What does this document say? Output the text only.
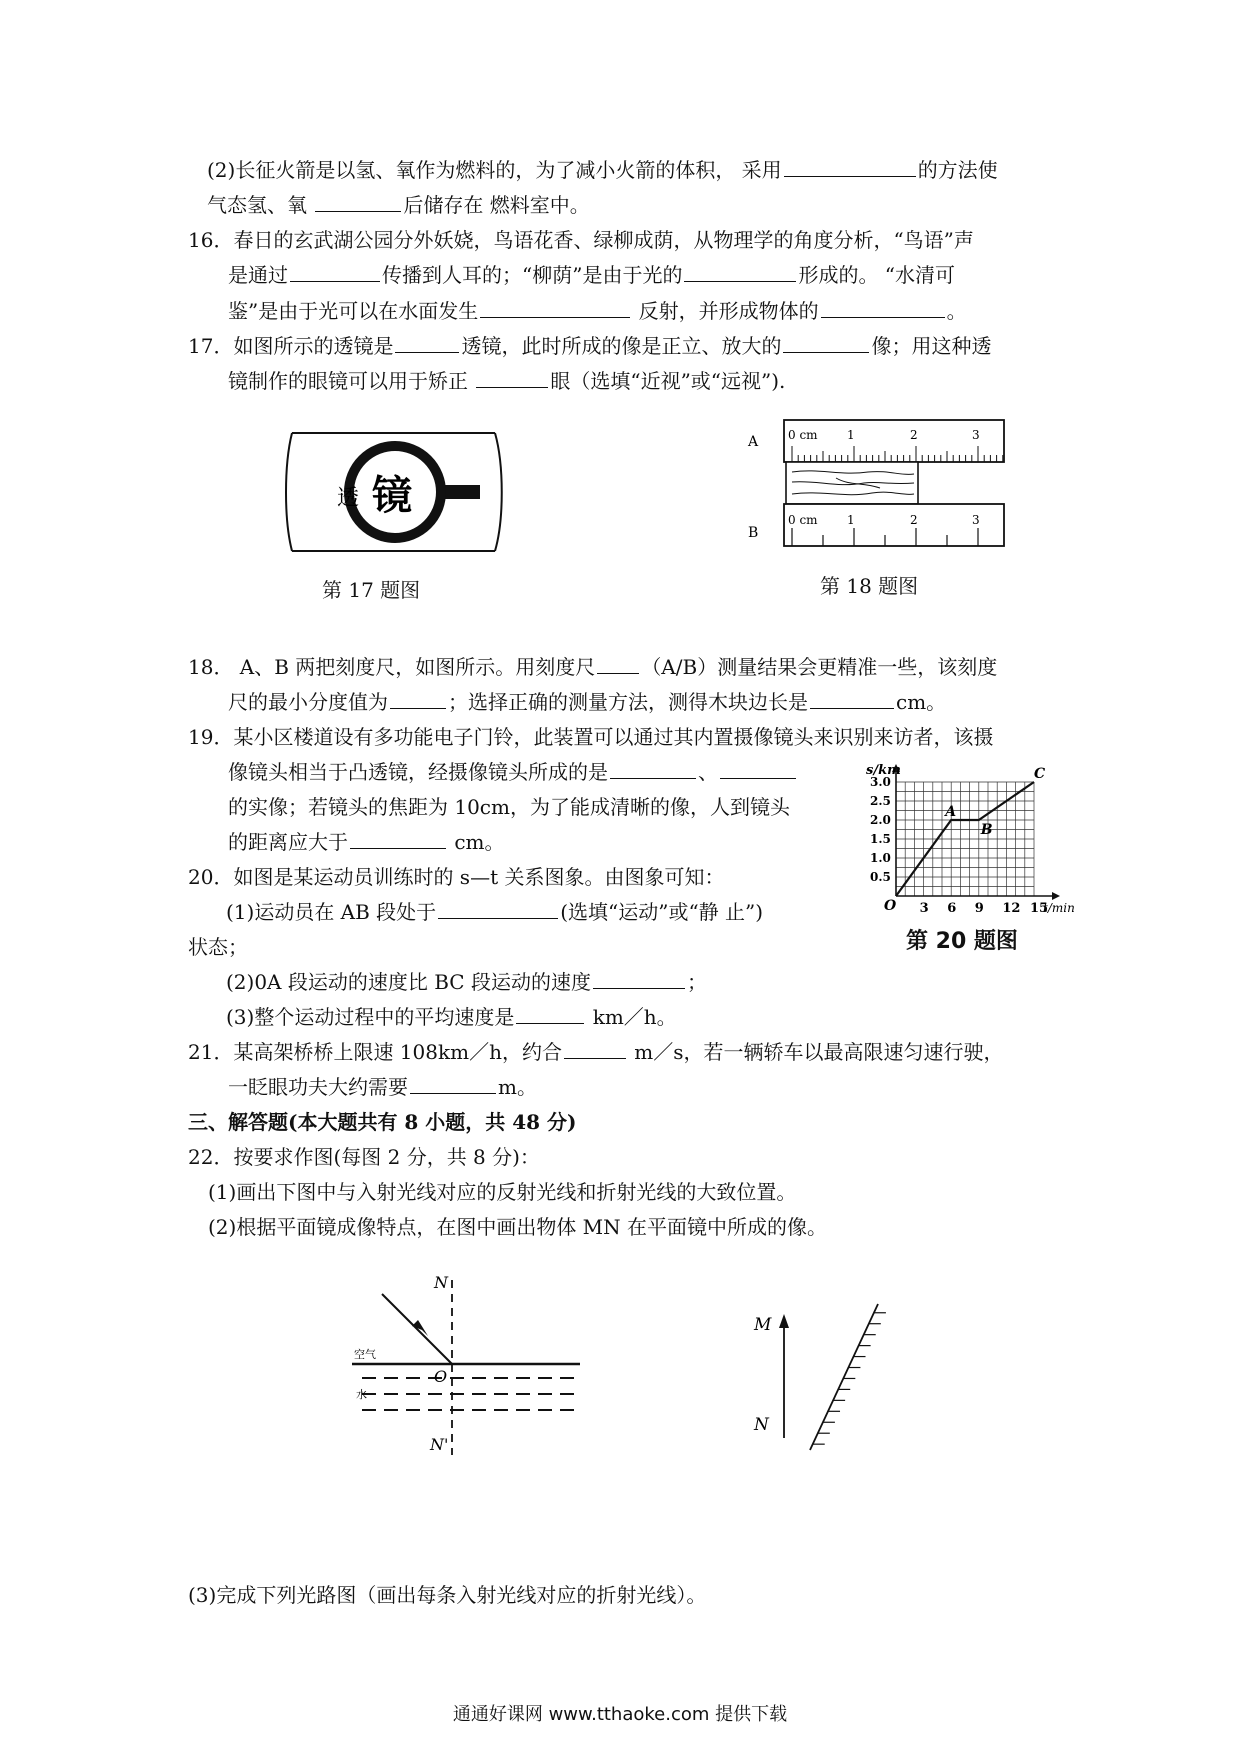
(2)长征火箭是以氢、氧作为燃料的，为了减小火箭的体积， 采用	的方法使
气态氢、氧	后储存在 燃料室中。
16．春日的玄武湖公园分外妖娆，鸟语花香、绿柳成荫，从物理学的角度分析，“鸟语”声
是通过	传播到人耳的；“柳荫”是由于光的	形成的。 “水清可
鉴”是由于光可以在水面发生	反射，并形成物体的	。
17．如图所示的透镜是	透镜，此时所成的像是正立、放大的	像；用这种透
镜制作的眼镜可以用于矫正	眼（选填“近视”或“远视”).
透 镜
第 17 题图
A
B
0 cm 1	2	3
0 cm 1	2	3
第 18 题图
18． A、B 两把刻度尺，如图所示。用刻度尺 （A/B）测量结果会更精准一些，该刻度
尺的最小分度值为	；选择正确的测量方法，测得木块边长是	cm。
19．某小区楼道设有多功能电子门铃，此装置可以通过其内置摄像镜头来识别来访者，该摄
像镜头相当于凸透镜，经摄像镜头所成的是	、
的实像；若镜头的焦距为 10cm，为了能成清晰的像，人到镜头
的距离应大于	cm。
20．如图是某运动员训练时的 s—t 关系图象。由图象可知：
(1)运动员在 AB 段处于	(选填“运动”或“静 止”)
状态；
(2)0A 段运动的速度比 BC 段运动的速度	；
(3)整个运动过程中的平均速度是	km／h。
3 6 9 12 15
0.5
1.0
1.5
2.0
2.5
3.0
A
B
C
s/km
t/min
O
第 20 题图
21．某高架桥桥上限速 108km／h，约合	m／s，若一辆轿车以最高限速匀速行驶，
一眨眼功夫大约需要	m。
三、解答题(本大题共有 8 小题，共 48 分)
22．按要求作图(每图 2 分，共 8 分)：
(1)画出下图中与入射光线对应的反射光线和折射光线的大致位置。
(2)根据平面镜成像特点，在图中画出物体 MN 在平面镜中所成的像。
N
N'
O
空气
水
M
N
(3)完成下列光路图（画出每条入射光线对应的折射光线）。
通通好课网 www.tthaoke.com 提供下载
